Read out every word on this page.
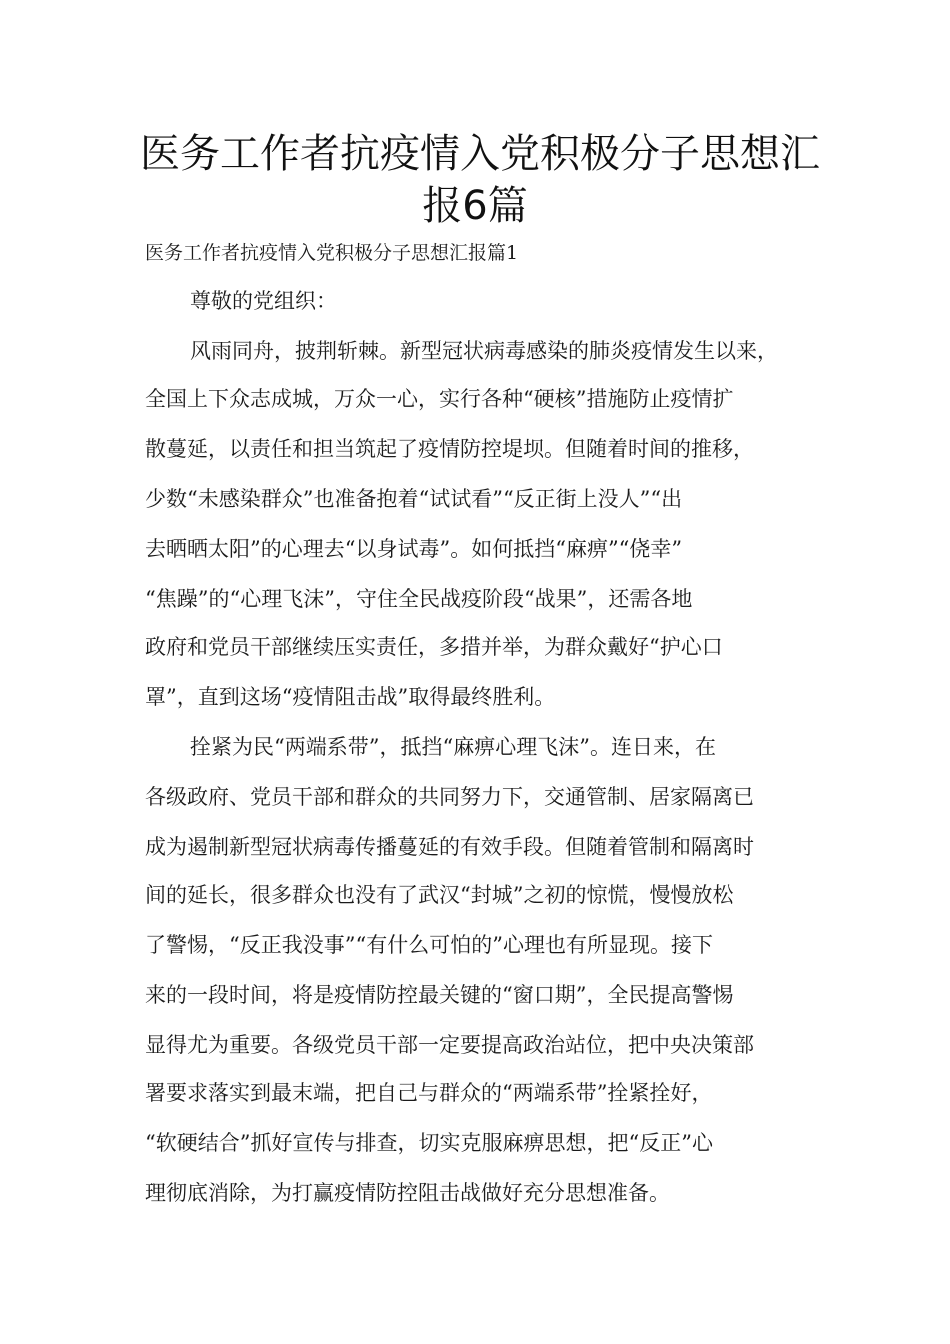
医务工作者抗疫情入党积极分子思想汇
报6篇
医务工作者抗疫情入党积极分子思想汇报篇1
尊敬的党组织：
风雨同舟，披荆斩棘。新型冠状病毒感染的肺炎疫情发生以来，
全国上下众志成城，万众一心，实行各种“硬核”措施防止疫情扩
散蔓延，以责任和担当筑起了疫情防控堤坝。但随着时间的推移，
少数“未感染群众”也准备抱着“试试看”“反正街上没人”“出
去晒晒太阳”的心理去“以身试毒”。如何抵挡“麻痹”“侥幸”
“焦躁”的“心理飞沫”，守住全民战疫阶段“战果”，还需各地
政府和党员干部继续压实责任，多措并举，为群众戴好“护心口
罩”，直到这场“疫情阻击战”取得最终胜利。
拴紧为民“两端系带”，抵挡“麻痹心理飞沫”。连日来，在
各级政府、党员干部和群众的共同努力下，交通管制、居家隔离已
成为遏制新型冠状病毒传播蔓延的有效手段。但随着管制和隔离时
间的延长，很多群众也没有了武汉“封城”之初的惊慌，慢慢放松
了警惕，“反正我没事”“有什么可怕的”心理也有所显现。接下
来的一段时间，将是疫情防控最关键的“窗口期”，全民提高警惕
显得尤为重要。各级党员干部一定要提高政治站位，把中央决策部
署要求落实到最末端，把自己与群众的“两端系带”拴紧拴好，
“软硬结合”抓好宣传与排查，切实克服麻痹思想，把“反正”心
理彻底消除，为打赢疫情防控阻击战做好充分思想准备。
